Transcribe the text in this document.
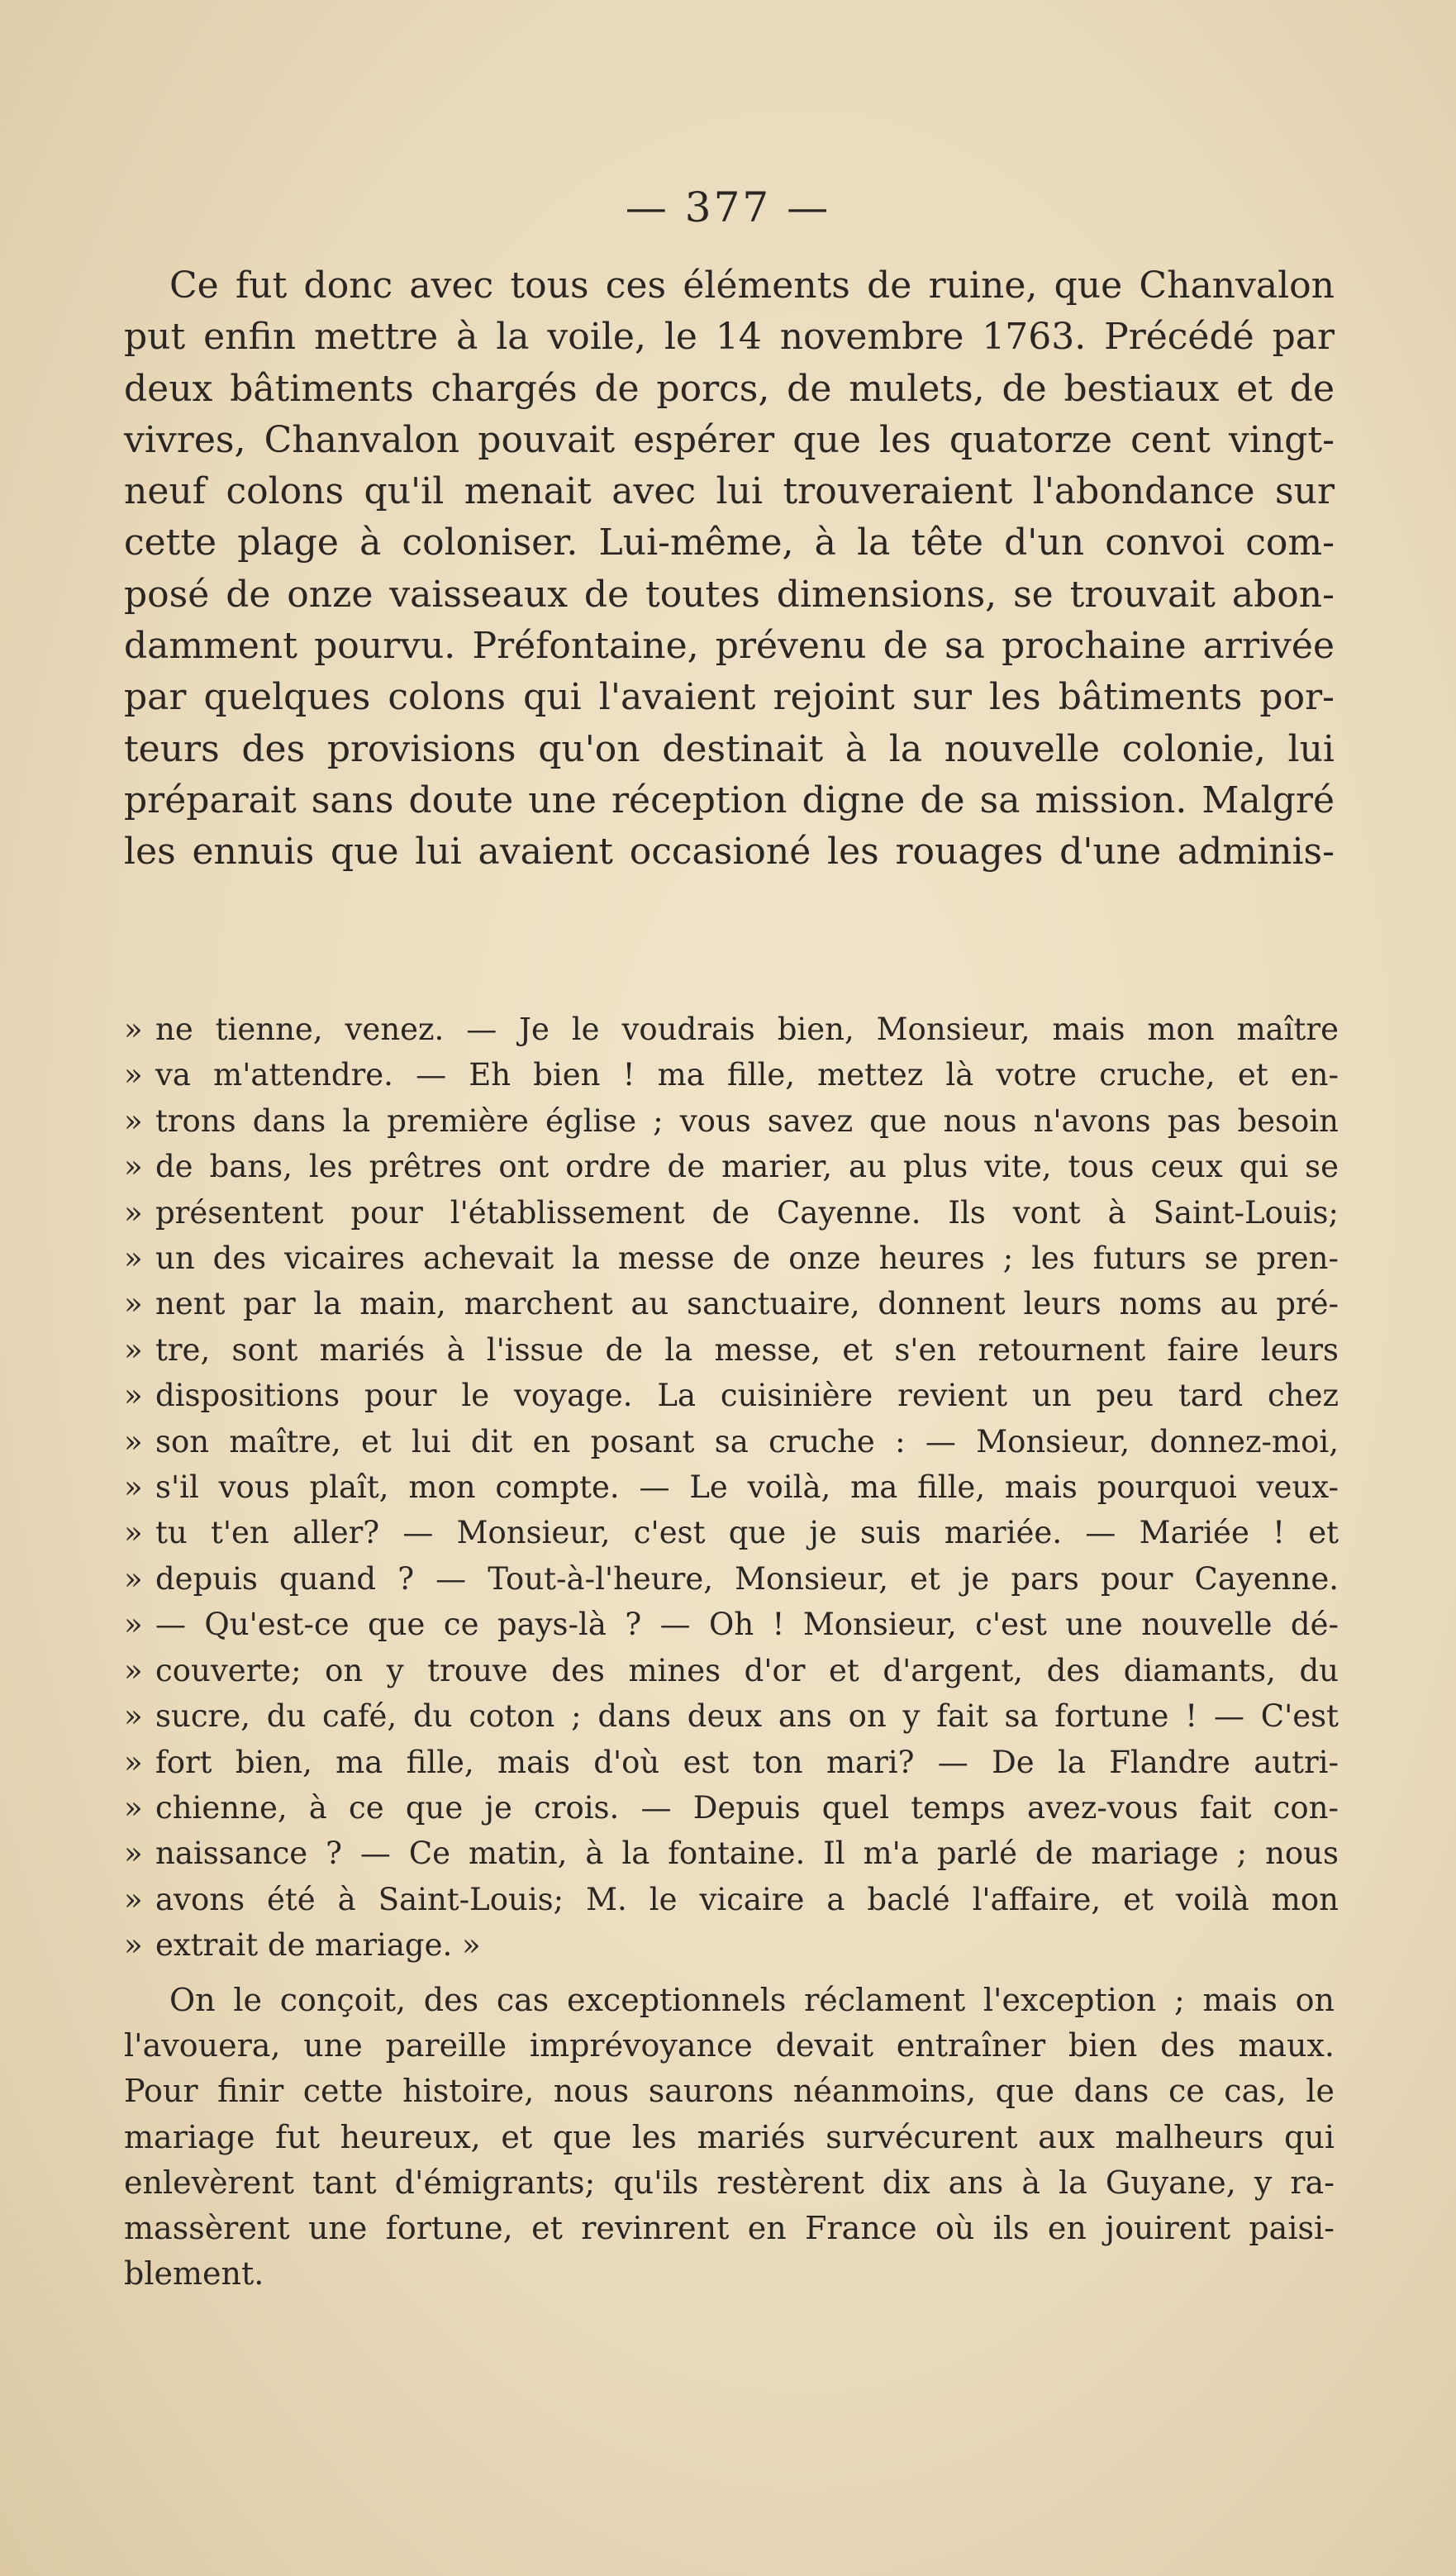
— 377 —

Ce fut donc avec tous ces éléments de ruine, que Chanvalon
put enfin mettre à la voile, le 14 novembre 1763. Précédé par
deux bâtiments chargés de porcs, de mulets, de bestiaux et de
vivres, Chanvalon pouvait espérer que les quatorze cent vingt-
neuf colons qu'il menait avec lui trouveraient l'abondance sur
cette plage à coloniser. Lui-même, à la tête d'un convoi com-
posé de onze vaisseaux de toutes dimensions, se trouvait abon-
damment pourvu. Préfontaine, prévenu de sa prochaine arrivée
par quelques colons qui l'avaient rejoint sur les bâtiments por-
teurs des provisions qu'on destinait à la nouvelle colonie, lui
préparait sans doute une réception digne de sa mission. Malgré
les ennuis que lui avaient occasioné les rouages d'une adminis-
» ne tienne, venez. — Je le voudrais bien, Monsieur, mais mon maître
» va m'attendre. — Eh bien ! ma fille, mettez là votre cruche, et en-
» trons dans la première église ; vous savez que nous n'avons pas besoin
» de bans, les prêtres ont ordre de marier, au plus vite, tous ceux qui se
» présentent pour l'établissement de Cayenne. Ils vont à Saint-Louis;
» un des vicaires achevait la messe de onze heures ; les futurs se pren-
» nent par la main, marchent au sanctuaire, donnent leurs noms au pré-
» tre, sont mariés à l'issue de la messe, et s'en retournent faire leurs
» dispositions pour le voyage. La cuisinière revient un peu tard chez
» son maître, et lui dit en posant sa cruche : — Monsieur, donnez-moi,
» s'il vous plaît, mon compte. — Le voilà, ma fille, mais pourquoi veux-
» tu t'en aller? — Monsieur, c'est que je suis mariée. — Mariée ! et
» depuis quand ? — Tout-à-l'heure, Monsieur, et je pars pour Cayenne.
» — Qu'est-ce que ce pays-là ? — Oh ! Monsieur, c'est une nouvelle dé-
» couverte; on y trouve des mines d'or et d'argent, des diamants, du
» sucre, du café, du coton ; dans deux ans on y fait sa fortune ! — C'est
» fort bien, ma fille, mais d'où est ton mari? — De la Flandre autri-
» chienne, à ce que je crois. — Depuis quel temps avez-vous fait con-
» naissance ? — Ce matin, à la fontaine. Il m'a parlé de mariage ; nous
» avons été à Saint-Louis; M. le vicaire a baclé l'affaire, et voilà mon
» extrait de mariage. »
On le conçoit, des cas exceptionnels réclament l'exception ; mais on
l'avouera, une pareille imprévoyance devait entraîner bien des maux.
Pour finir cette histoire, nous saurons néanmoins, que dans ce cas, le
mariage fut heureux, et que les mariés survécurent aux malheurs qui
enlevèrent tant d'émigrants; qu'ils restèrent dix ans à la Guyane, y ra-
massèrent une fortune, et revinrent en France où ils en jouirent paisi-
blement.
